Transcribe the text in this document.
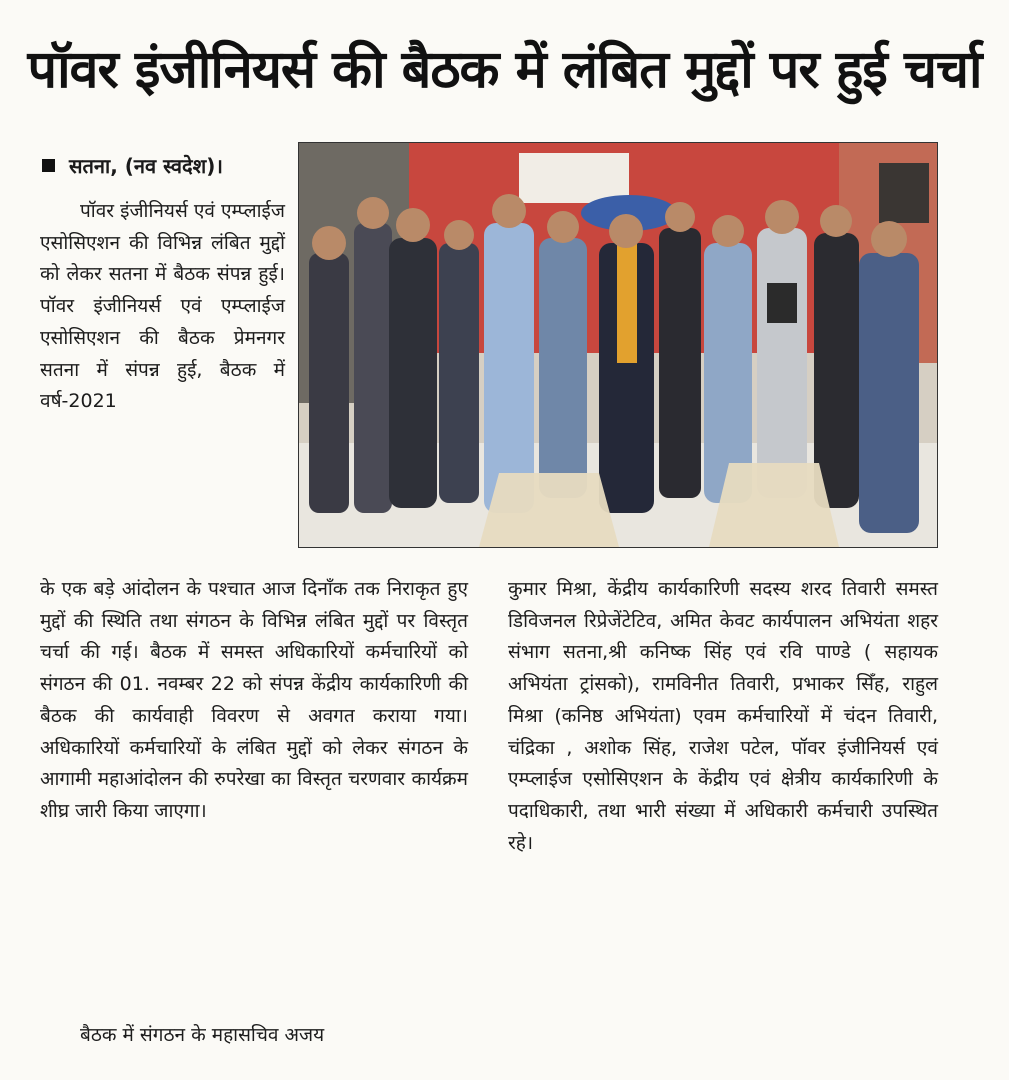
पॉवर इंजीनियर्स की बैठक में लंबित मुद्दों पर हुई चर्चा
सतना, (नव स्वदेश)।

पॉवर इंजीनियर्स एवं एम्प्लाईज एसोसिएशन की विभिन्न लंबित मुद्दों को लेकर सतना में बैठक संपन्न हुई। पॉवर इंजीनियर्स एवं एम्प्लाईज एसोसिएशन की बैठक प्रेमनगर सतना में संपन्न हुई, बैठक में वर्ष-2021

के एक बड़े आंदोलन के पश्चात आज दिनाँक तक निराकृत हुए मुद्दों की स्थिति तथा संगठन के विभिन्न लंबित मुद्दों पर विस्तृत चर्चा की गई। बैठक में समस्त अधिकारियों कर्मचारियों को संगठन की 01. नवम्बर 22 को संपन्न केंद्रीय कार्यकारिणी की बैठक की कार्यवाही विवरण से अवगत कराया गया। अधिकारियों कर्मचारियों के लंबित मुद्दों को लेकर संगठन के आगामी महाआंदोलन की रुपरेखा का विस्तृत चरणवार कार्यक्रम शीघ्र जारी किया जाएगा।

बैठक में संगठन के महासचिव अजय

कुमार मिश्रा, केंद्रीय कार्यकारिणी सदस्य शरद तिवारी समस्त डिविजनल रिप्रेजेंटेटिव, अमित केवट कार्यपालन अभियंता शहर संभाग सतना,श्री कनिष्क सिंह एवं रवि पाण्डे ( सहायक अभियंता ट्रांसको), रामविनीत तिवारी, प्रभाकर सिँह, राहुल मिश्रा (कनिष्ठ अभियंता) एवम कर्मचारियों में चंदन तिवारी, चंद्रिका , अशोक सिंह, राजेश पटेल, पॉवर इंजीनियर्स एवं एम्प्लाईज एसोसिएशन के केंद्रीय एवं क्षेत्रीय कार्यकारिणी के पदाधिकारी, तथा भारी संख्या में अधिकारी कर्मचारी उपस्थित रहे।
